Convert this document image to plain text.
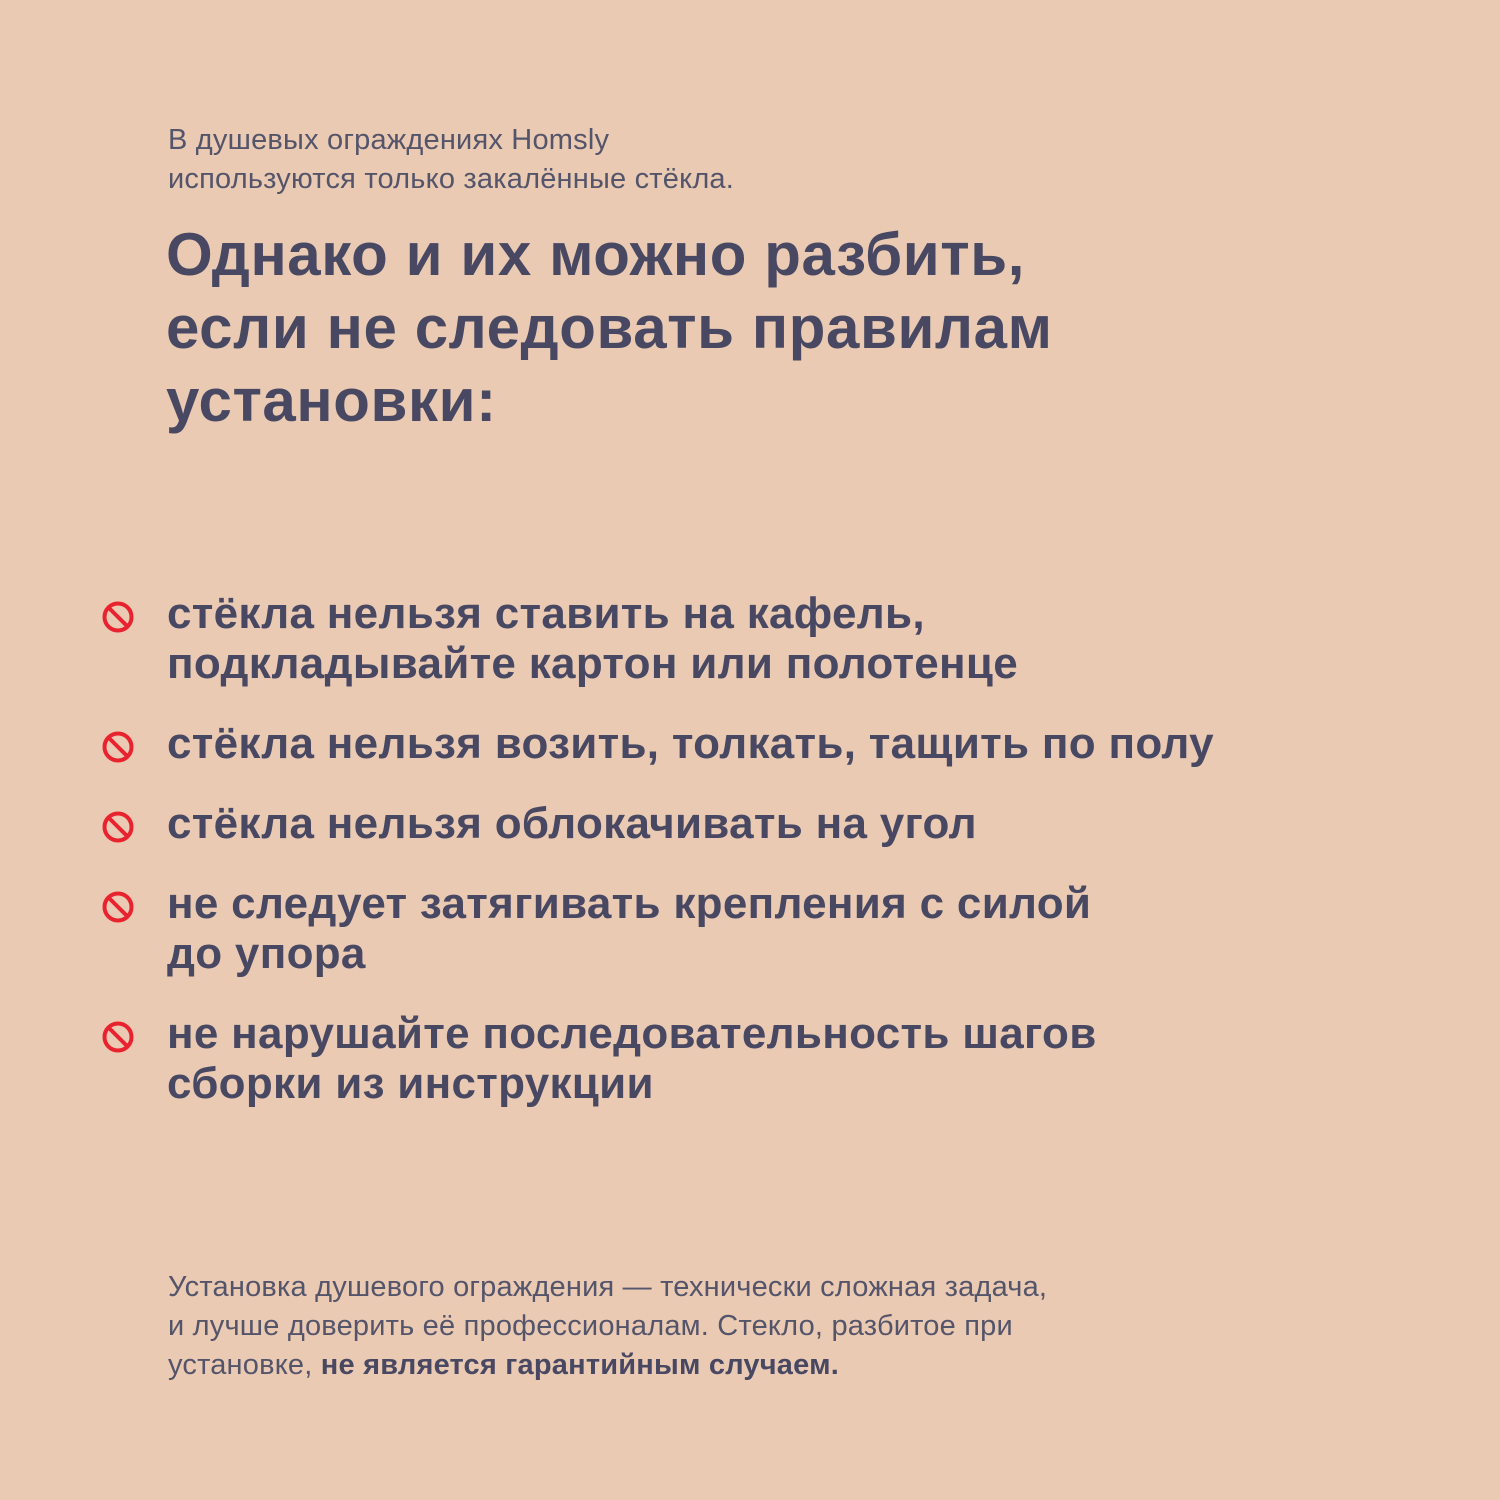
В душевых ограждениях Homsly
используются только закалённые стёкла.
Однако и их можно разбить,
если не следовать правилам
установки:
стёкла нельзя ставить на кафель,
подкладывайте картон или полотенце
стёкла нельзя возить, толкать, тащить по полу
стёкла нельзя облокачивать на угол
не следует затягивать крепления с силой
до упора
не нарушайте последовательность шагов
сборки из инструкции
Установка душевого ограждения — технически сложная задача,
и лучше доверить её профессионалам. Стекло, разбитое при
установке, не является гарантийным случаем.
